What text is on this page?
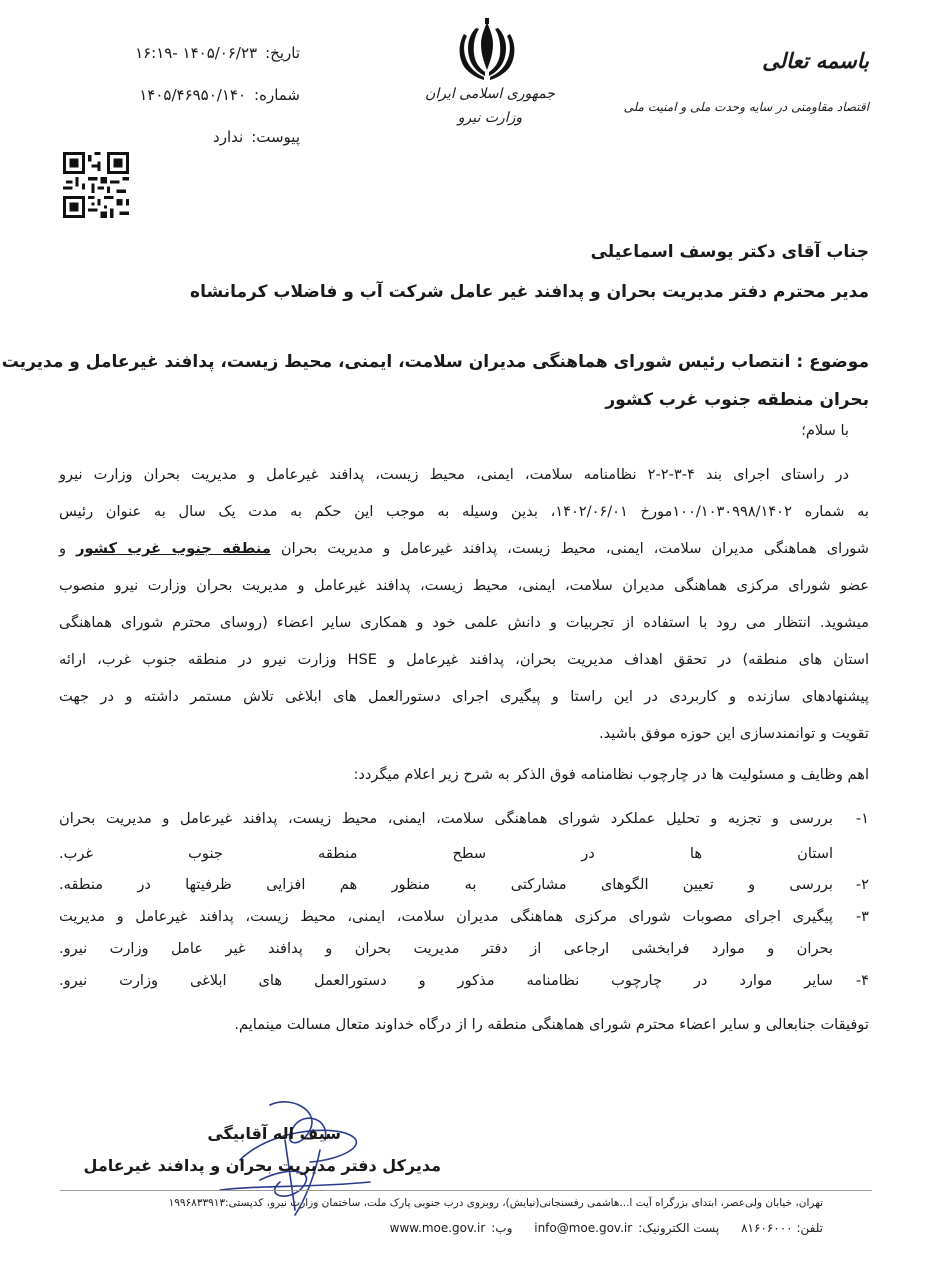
باسمه تعالی
اقتصاد مقاومتی در سایه وحدت ملی و امنیت ملی
جمهوری اسلامی ایران
وزارت نیرو
تاریخ:۱۴۰۵/۰۶/۲۳ -۱۶:۱۹
شماره:۱۴۰۵/۴۶۹۵۰/۱۴۰
پیوست:ندارد
جناب آقای دکتر یوسف اسماعیلی
مدیر محترم دفتر مدیریت بحران و پدافند غیر عامل شرکت آب و فاضلاب کرمانشاه
موضوع : انتصاب رئیس شورای هماهنگی مدیران سلامت، ایمنی، محیط زیست، پدافند غیرعامل و مدیریت
بحران منطقه جنوب غرب کشور
با سلام؛
در راستای اجرای بند ۴-۳-۲-۲ نظامنامه سلامت، ایمنی، محیط زیست، پدافند غیرعامل و مدیریت بحران وزارت نیرو
به شماره ۱۰۰/۱۰۳۰۹۹۸/۱۴۰۲مورخ ۱۴۰۲/۰۶/۰۱، بدین وسیله به موجب این حکم به مدت یک سال به عنوان رئیس
شورای هماهنگی مدیران سلامت، ایمنی، محیط زیست، پدافند غیرعامل و مدیریت بحران منطقه جنوب غرب کشور و
عضو شورای مرکزی هماهنگی مدیران سلامت، ایمنی، محیط زیست، پدافند غیرعامل و مدیریت بحران وزارت نیرو منصوب
میشوید. انتظار می رود با استفاده از تجربیات و دانش علمی خود و همکاری سایر اعضاء (روسای محترم شورای هماهنگی
استان های منطقه) در تحقق اهداف مدیریت بحران، پدافند غیرعامل و HSE وزارت نیرو در منطقه جنوب غرب، ارائه
پیشنهادهای سازنده و کاربردی در این راستا و پیگیری اجرای دستورالعمل های ابلاغی تلاش مستمر داشته و در جهت
تقویت و توانمندسازی این حوزه موفق باشید.
اهم وظایف و مسئولیت ها در چارچوب نظامنامه فوق الذکر به شرح زیر اعلام میگردد:
۱-
بررسی و تجزیه و تحلیل عملکرد شورای هماهنگی سلامت، ایمنی، محیط زیست، پدافند غیرعامل و مدیریت بحران
استان ها در سطح منطقه جنوب غرب.
۲-
بررسی و تعیین الگوهای مشارکتی به منظور هم افزایی ظرفیتها در منطقه.
۳-
پیگیری اجرای مصوبات شورای مرکزی هماهنگی مدیران سلامت، ایمنی، محیط زیست، پدافند غیرعامل و مدیریت
بحران و موارد فرابخشی ارجاعی از دفتر مدیریت بحران و پدافند غیر عامل وزارت نیرو.
۴-
سایر موارد در چارچوب نظامنامه مذکور و دستورالعمل های ابلاغی وزارت نیرو.
توفیقات جنابعالی و سایر اعضاء محترم شورای هماهنگی منطقه را از درگاه خداوند متعال مسالت مینمایم.
سیف اله آقابیگی
مدیرکل دفتر مدیریت بحران و پدافند غیرعامل
تهران، خیابان ولی‌عصر، ابتدای بزرگراه آیت ا...هاشمی رفسنجانی(نیایش)، روبروی درب جنوبی پارک ملت، ساختمان وزارت نیرو، کدپستی:۱۹۹۶۸۳۳۹۱۳
تلفن: ۸۱۶۰۶۰۰۰ پست الکترونیک:info@moe.gov.ir وب:www.moe.gov.ir
